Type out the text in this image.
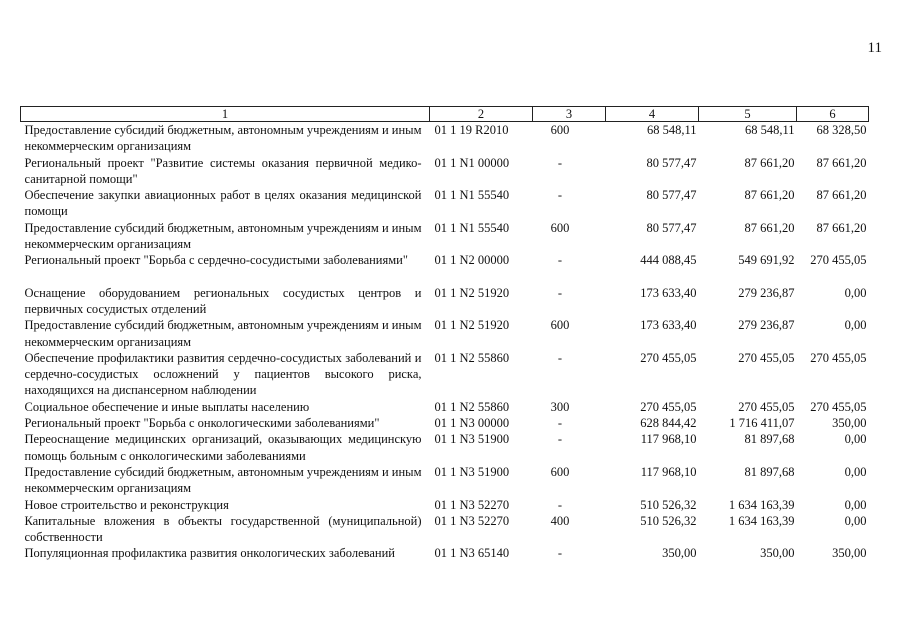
11
1	2	3	4	5	6
Предоставление субсидий бюджетным, автономным учреждениям и иным некоммерческим организациям	01 1 19 R2010	600	68 548,11	68 548,11	68 328,50
Региональный проект "Развитие системы оказания первичной медико-санитарной помощи"	01 1 N1 00000	-	80 577,47	87 661,20	87 661,20
Обеспечение закупки авиационных работ в целях оказания медицинской помощи	01 1 N1 55540	-	80 577,47	87 661,20	87 661,20
Предоставление субсидий бюджетным, автономным учреждениям и иным некоммерческим организациям	01 1 N1 55540	600	80 577,47	87 661,20	87 661,20
Региональный проект "Борьба с сердечно-сосудистыми заболеваниями"	01 1 N2 00000	-	444 088,45	549 691,92	270 455,05
Оснащение оборудованием региональных сосудистых центров и первичных сосудистых отделений	01 1 N2 51920	-	173 633,40	279 236,87	0,00
Предоставление субсидий бюджетным, автономным учреждениям и иным некоммерческим организациям	01 1 N2 51920	600	173 633,40	279 236,87	0,00
Обеспечение профилактики развития сердечно-сосудистых заболеваний и сердечно-сосудистых осложнений у пациентов высокого риска, находящихся на диспансерном наблюдении	01 1 N2 55860	-	270 455,05	270 455,05	270 455,05
Социальное обеспечение и иные выплаты населению	01 1 N2 55860	300	270 455,05	270 455,05	270 455,05
Региональный проект "Борьба с онкологическими заболеваниями"	01 1 N3 00000	-	628 844,42	1 716 411,07	350,00
Переоснащение медицинских организаций, оказывающих медицинскую помощь больным с онкологическими заболеваниями	01 1 N3 51900	-	117 968,10	81 897,68	0,00
Предоставление субсидий бюджетным, автономным учреждениям и иным некоммерческим организациям	01 1 N3 51900	600	117 968,10	81 897,68	0,00
Новое строительство и реконструкция	01 1 N3 52270	-	510 526,32	1 634 163,39	0,00
Капитальные вложения в объекты государственной (муниципальной) собственности	01 1 N3 52270	400	510 526,32	1 634 163,39	0,00
Популяционная профилактика развития онкологических заболеваний	01 1 N3 65140	-	350,00	350,00	350,00
